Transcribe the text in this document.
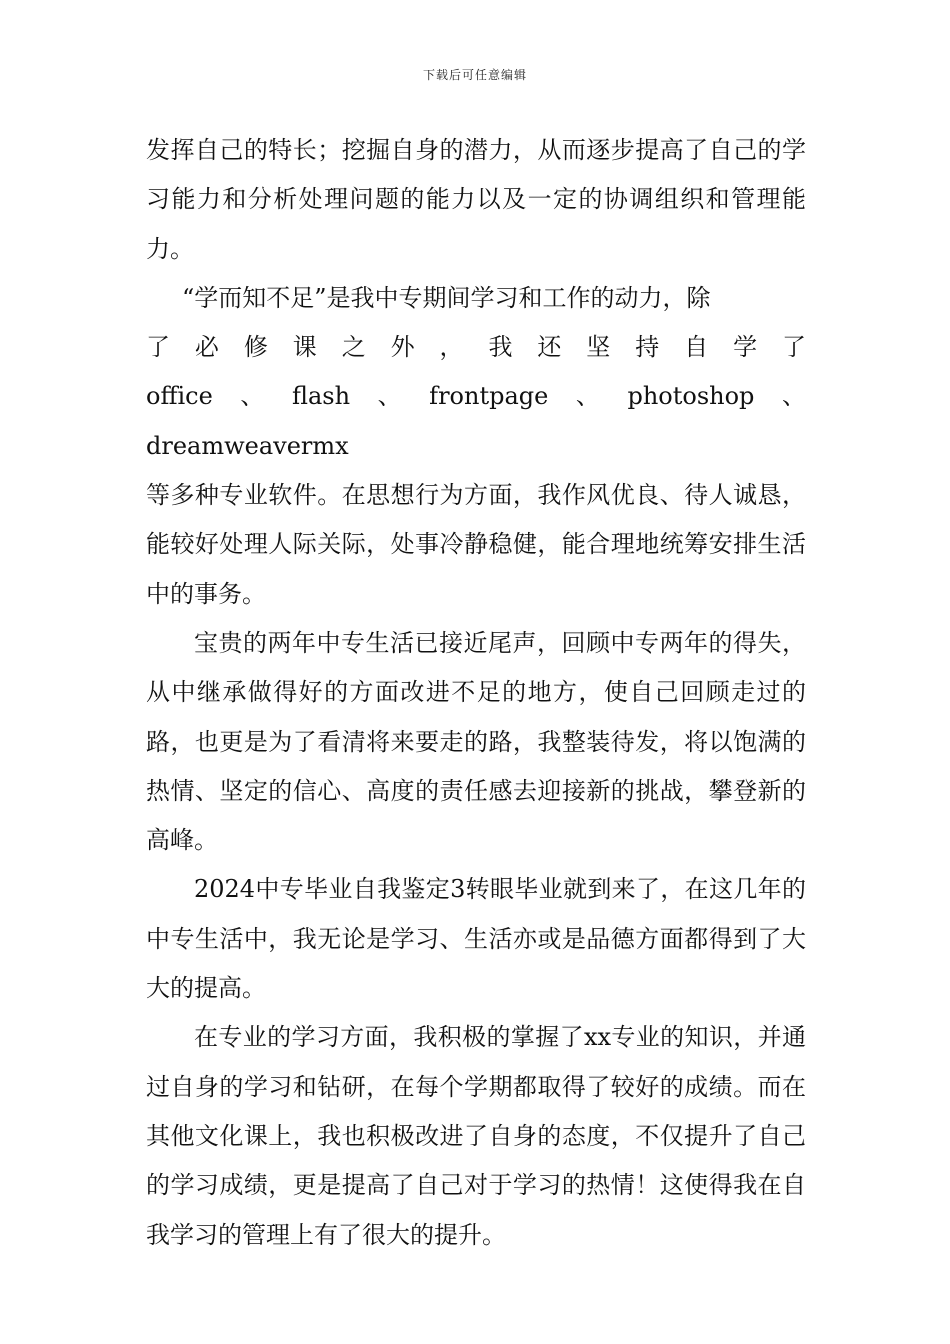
下载后可任意编辑

发挥自己的特长；挖掘自身的潜力，从而逐步提高了自己的学习能力和分析处理问题的能力以及一定的协调组织和管理能力。

“学而知不足”是我中专期间学习和工作的动力，除
了 必 修 课 之 外 ， 我 还 坚 持 自 学 了
office、flash、frontpage、photoshop、dreamweavermx
等多种专业软件。在思想行为方面，我作风优良、待人诚恳，能较好处理人际关际，处事冷静稳健，能合理地统筹安排生活中的事务。

宝贵的两年中专生活已接近尾声，回顾中专两年的得失，从中继承做得好的方面改进不足的地方，使自己回顾走过的路，也更是为了看清将来要走的路，我整装待发，将以饱满的热情、坚定的信心、高度的责任感去迎接新的挑战，攀登新的高峰。

2024中专毕业自我鉴定3转眼毕业就到来了，在这几年的中专生活中，我无论是学习、生活亦或是品德方面都得到了大大的提高。

在专业的学习方面，我积极的掌握了xx专业的知识，并通过自身的学习和钻研，在每个学期都取得了较好的成绩。而在其他文化课上，我也积极改进了自身的态度，不仅提升了自己的学习成绩，更是提高了自己对于学习的热情！这使得我在自我学习的管理上有了很大的提升。
